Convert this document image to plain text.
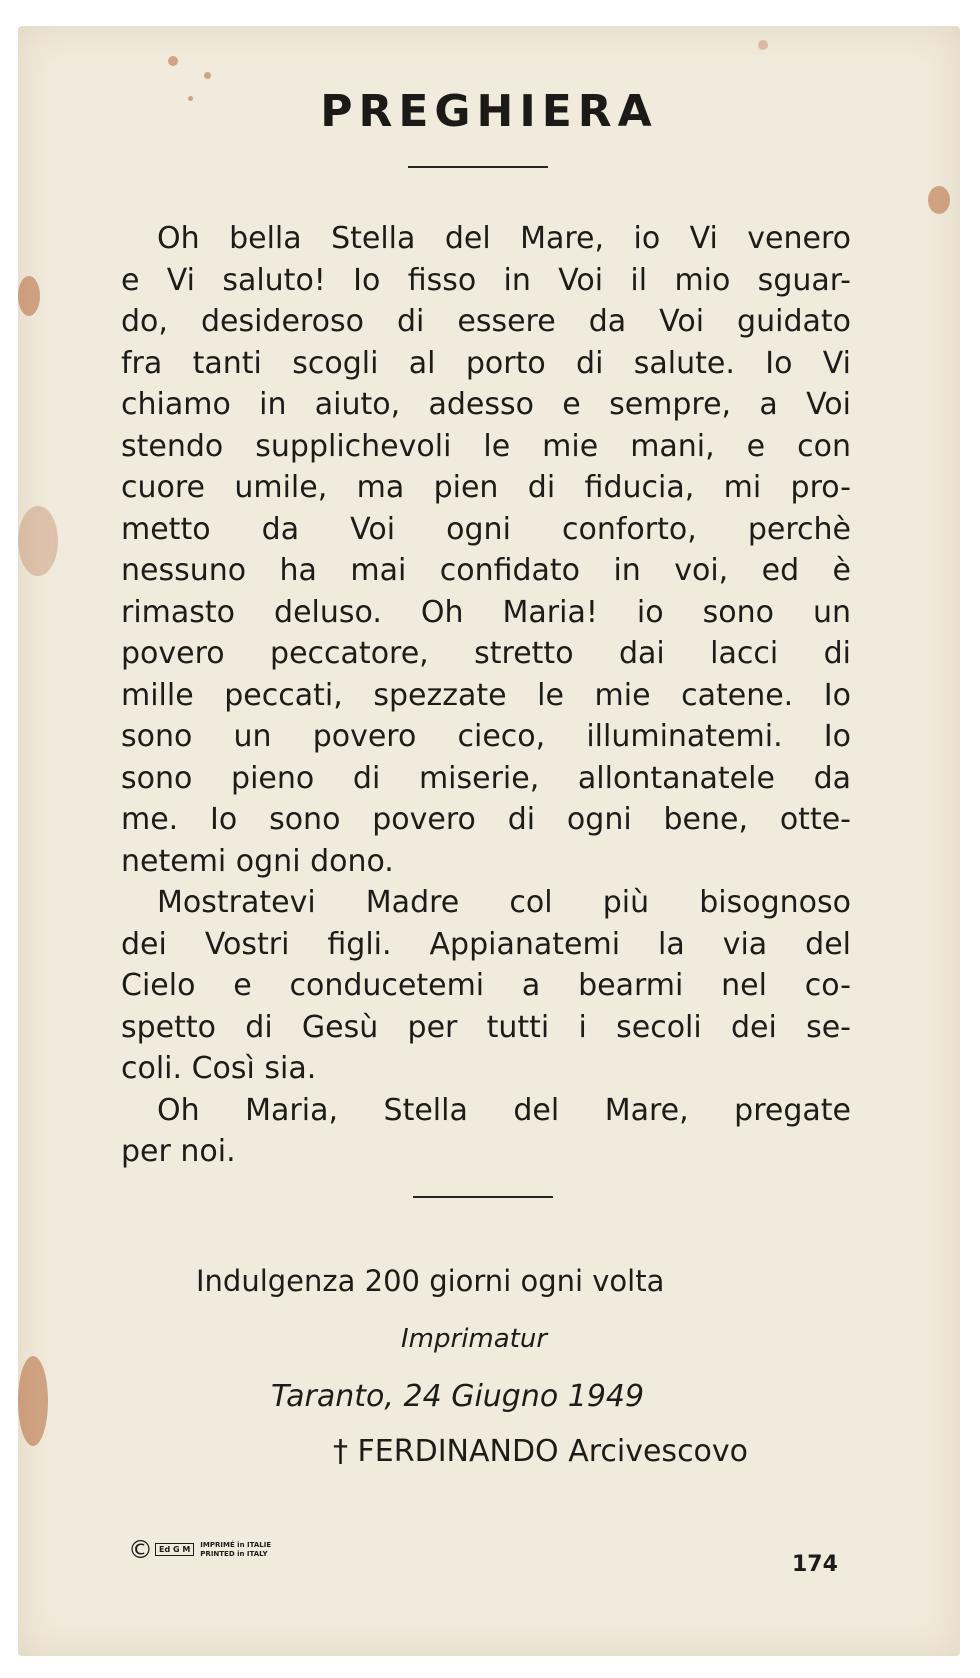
PREGHIERA
Oh bella Stella del Mare, io Vi venero
e Vi saluto! Io fisso in Voi il mio sguar-
do, desideroso di essere da Voi guidato
fra tanti scogli al porto di salute. Io Vi
chiamo in aiuto, adesso e sempre, a Voi
stendo supplichevoli le mie mani, e con
cuore umile, ma pien di fiducia, mi pro-
metto da Voi ogni conforto, perchè
nessuno ha mai confidato in voi, ed è
rimasto deluso. Oh Maria! io sono un
povero peccatore, stretto dai lacci di
mille peccati, spezzate le mie catene. Io
sono un povero cieco, illuminatemi. Io
sono pieno di miserie, allontanatele da
me. Io sono povero di ogni bene, otte-
netemi ogni dono.
Mostratevi Madre col più bisognoso
dei Vostri figli. Appianatemi la via del
Cielo e conducetemi a bearmi nel co-
spetto di Gesù per tutti i secoli dei se-
coli. Così sia.
Oh Maria, Stella del Mare, pregate
per noi.
Indulgenza 200 giorni ogni volta
Imprimatur
Taranto, 24 Giugno 1949
† FERDINANDO Arcivescovo
© Ed G M
IMPRIMÉ in ITALIE
PRINTED in ITALY	174
